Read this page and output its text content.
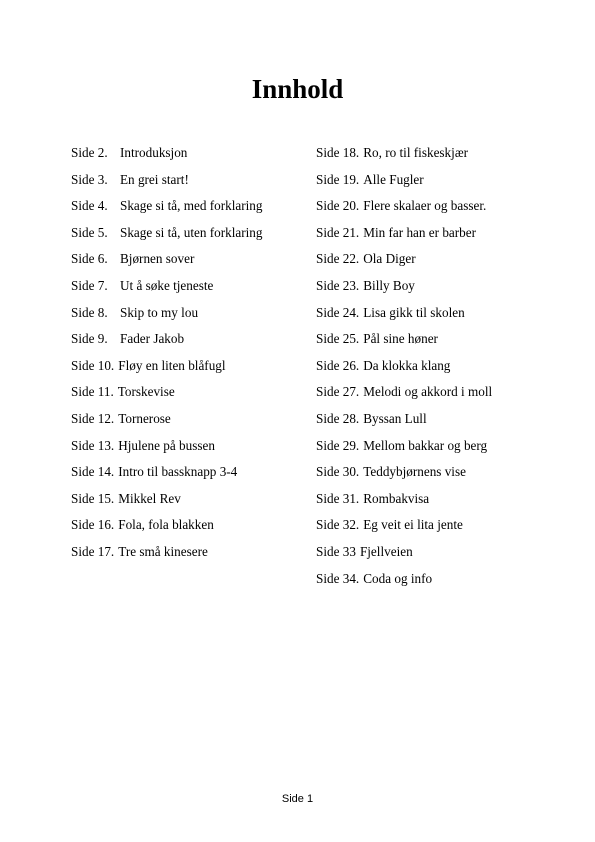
Innhold
Side 2. Introduksjon
Side 3. En grei start!
Side 4. Skage si tå, med forklaring
Side 5. Skage si tå, uten forklaring
Side 6. Bjørnen sover
Side 7. Ut å søke tjeneste
Side 8. Skip to my lou
Side 9. Fader Jakob
Side 10. Fløy en liten blåfugl
Side 11. Torskevise
Side 12. Tornerose
Side 13. Hjulene på bussen
Side 14. Intro til bassknapp 3-4
Side 15. Mikkel Rev
Side 16. Fola, fola blakken
Side 17. Tre små kinesere
Side 18. Ro, ro til fiskeskjær
Side 19. Alle Fugler
Side 20. Flere skalaer og basser.
Side 21. Min far han er barber
Side 22. Ola Diger
Side 23. Billy Boy
Side 24. Lisa gikk til skolen
Side 25. Pål sine høner
Side 26. Da klokka klang
Side 27. Melodi og akkord i moll
Side 28. Byssan Lull
Side 29. Mellom bakkar og berg
Side 30. Teddybjørnens vise
Side 31. Rombakvisa
Side 32. Eg veit ei lita jente
Side 33 Fjellveien
Side 34. Coda og info
Side 1
